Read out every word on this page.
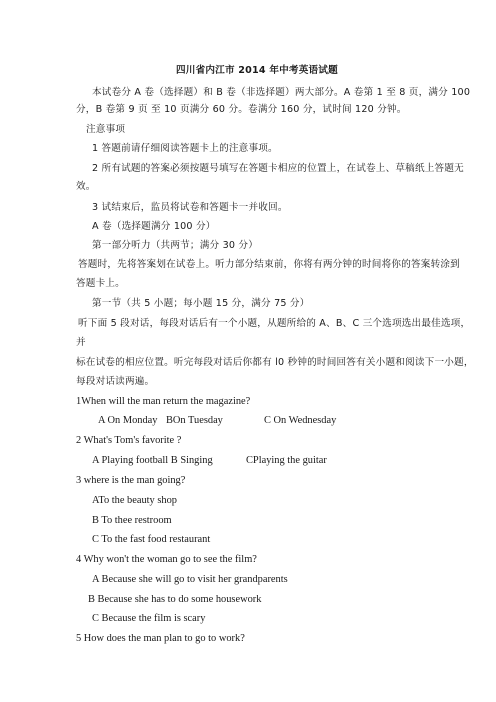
四川省内江市 2014 年中考英语试题
本试卷分 A 卷（选择题）和 B 卷（非选择题）两大部分。A 卷第 1 至 8 页，满分 100
分，B 卷第 9 页 至 10 页满分 60 分。卷满分 160 分，试时间 120 分钟。
注意事项
1 答题前请仔细阅读答题卡上的注意事项。
2 所有试题的答案必须按题号填写在答题卡相应的位置上，在试卷上、草稿纸上答题无
效。
3 试结束后，监员将试卷和答题卡一并收回。
A 卷（选择题满分 100 分）
第一部分听力（共两节；满分 30 分）
答题时，先将答案划在试卷上。听力部分结束前，你将有两分钟的时间将你的答案转涂到
答题卡上。
第一节（共 5 小题；每小题 15 分，满分 75 分）
听下面 5 段对话，每段对话后有一个小题，从题所给的 A、B、C 三个选项选出最佳选项，
并
标在试卷的相应位置。听完每段对话后你都有 l0 秒钟的时间回答有关小题和阅读下一小题，
每段对话读两遍。
1When will the man return the magazine?
A On Monday BOn Tuesday	C On Wednesday
2 What's Tom's favorite ?
A Playing football B Singing	CPlaying the guitar
3 where is the man going?
ATo the beauty shop
B To thee restroom
C To the fast food restaurant
4 Why won't the woman go to see the film?
A Because she will go to visit her grandparents
B Because she has to do some housework
C Because the film is scary
5 How does the man plan to go to work?
